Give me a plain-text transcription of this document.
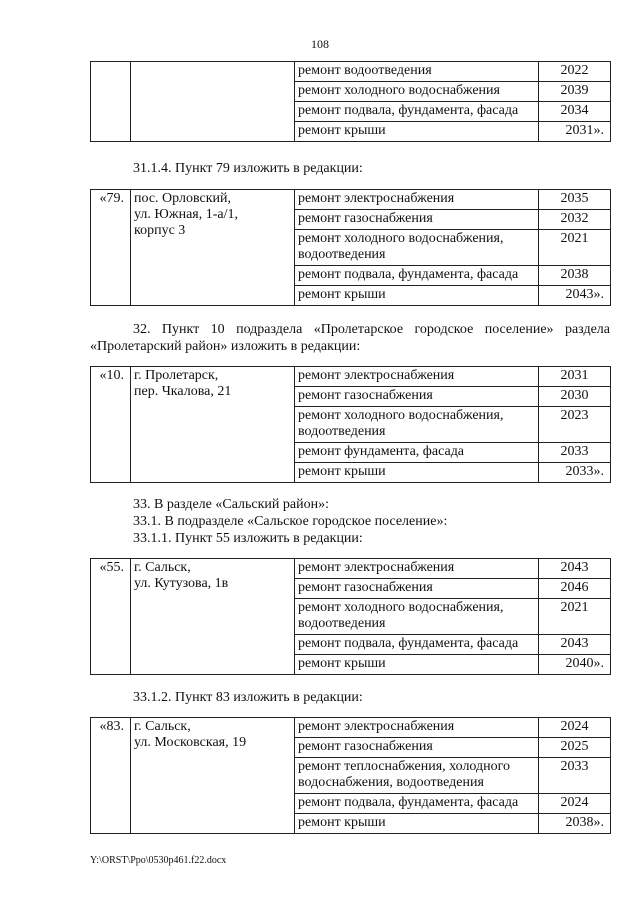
108
		ремонт водоотведения	2022
		ремонт холодного водоснабжения	2039
		ремонт подвала, фундамента, фасада	2034
		ремонт крыши	2031».
31.1.4. Пункт 79 изложить в редакции:
«79.	пос. Орловский,
ул. Южная, 1-а/1,
корпус 3	ремонт электроснабжения	2035
		ремонт газоснабжения	2032
		ремонт холодного водоснабжения, водоотведения	2021
		ремонт подвала, фундамента, фасада	2038
		ремонт крыши	2043».
32. Пункт 10 подраздела «Пролетарское городское поселение» раздела
«Пролетарский район» изложить в редакции:
«10.	г. Пролетарск,
пер. Чкалова, 21	ремонт электроснабжения	2031
		ремонт газоснабжения	2030
		ремонт холодного водоснабжения, водоотведения	2023
		ремонт фундамента, фасада	2033
		ремонт крыши	2033».
33. В разделе «Сальский район»:
33.1. В подразделе «Сальское городское поселение»:
33.1.1. Пункт 55 изложить в редакции:
«55.	г. Сальск,
ул. Кутузова, 1в	ремонт электроснабжения	2043
		ремонт газоснабжения	2046
		ремонт холодного водоснабжения, водоотведения	2021
		ремонт подвала, фундамента, фасада	2043
		ремонт крыши	2040».
33.1.2. Пункт 83 изложить в редакции:
«83.	г. Сальск,
ул. Московская, 19	ремонт электроснабжения	2024
		ремонт газоснабжения	2025
		ремонт теплоснабжения, холодного водоснабжения, водоотведения	2033
		ремонт подвала, фундамента, фасада	2024
		ремонт крыши	2038».
Y:\ORST\Ppo\0530p461.f22.docx
